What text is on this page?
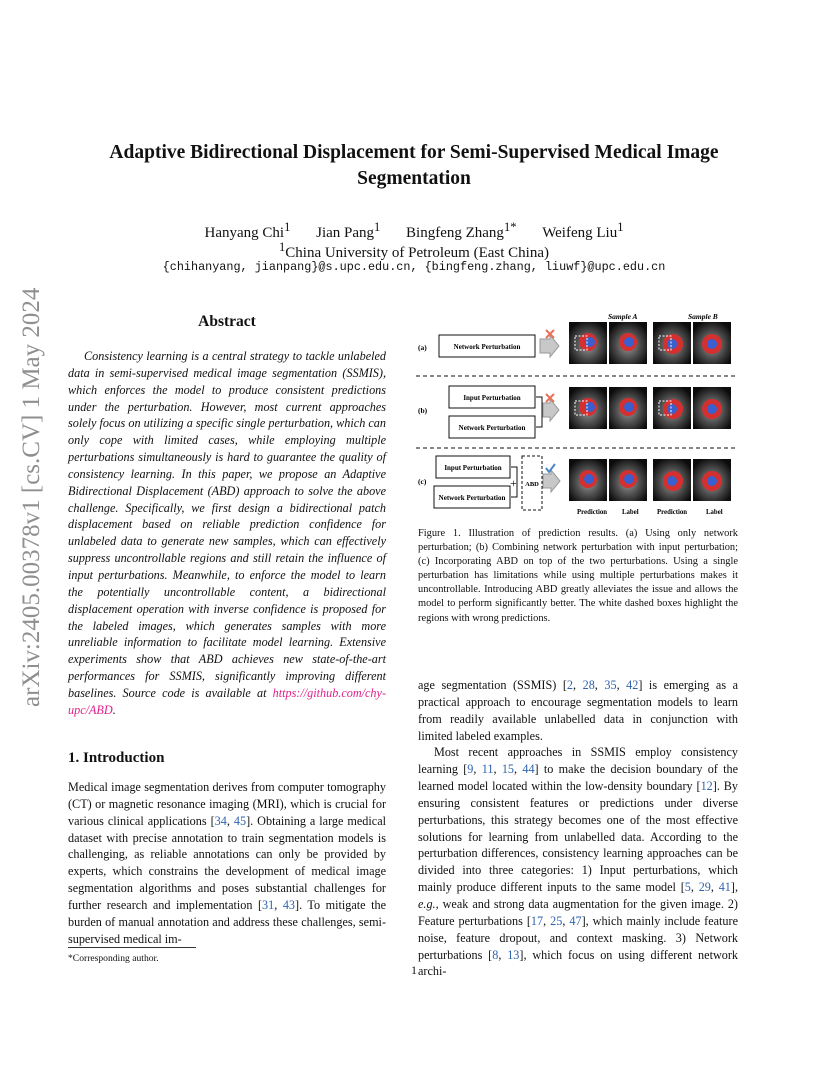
arXiv:2405.00378v1 [cs.CV] 1 May 2024
Adaptive Bidirectional Displacement for Semi-Supervised Medical Image
Segmentation
Hanyang Chi$^1$ Jian Pang$^1$ Bingfeng Zhang$^{1*}$ Weifeng Liu$^1$
$^1$China University of Petroleum (East China)
{chihanyang, jianpang}@s.upc.edu.cn, {bingfeng.zhang, liuwf}@upc.edu.cn
Abstract
Consistency learning is a central strategy to tackle unlabeled data in semi-supervised medical image segmentation (SSMIS), which enforces the model to produce consistent predictions under the perturbation. However, most current approaches solely focus on utilizing a specific single perturbation, which can only cope with limited cases, while employing multiple perturbations simultaneously is hard to guarantee the quality of consistency learning. In this paper, we propose an Adaptive Bidirectional Displacement (ABD) approach to solve the above challenge. Specifically, we first design a bidirectional patch displacement based on reliable prediction confidence for unlabeled data to generate new samples, which can effectively suppress uncontrollable regions and still retain the influence of input perturbations. Meanwhile, to enforce the model to learn the potentially uncontrollable content, a bidirectional displacement operation with inverse confidence is proposed for the labeled images, which generates samples with more unreliable information to facilitate model learning. Extensive experiments show that ABD achieves new state-of-the-art performances for SSMIS, significantly improving different baselines. Source code is available at https://github.com/chy-upc/ABD.
1. Introduction
Medical image segmentation derives from computer tomography (CT) or magnetic resonance imaging (MRI), which is crucial for various clinical applications [34, 45]. Obtaining a large medical dataset with precise annotation to train segmentation models is challenging, as reliable annotations can only be provided by experts, which constrains the development of medical image segmentation algorithms and poses substantial challenges for further research and implementation [31, 43]. To mitigate the burden of manual annotation and address these challenges, semi-supervised medical im-
*Corresponding author.
1
Sample A	Sample B
(a)	Network Perturbation
(b)
Input Perturbation
Network Perturbation
(c)
Input Perturbation
Network Perturbation
+ ABD
Prediction Label	Prediction	Label
Figure 1. Illustration of prediction results. (a) Using only network perturbation; (b) Combining network perturbation with input perturbation; (c) Incorporating ABD on top of the two perturbations. Using a single perturbation has limitations while using multiple perturbations makes it uncontrollable. Introducing ABD greatly alleviates the issue and allows the model to perform significantly better. The white dashed boxes highlight the regions with wrong predictions.

age segmentation (SSMIS) [2, 28, 35, 42] is emerging as a practical approach to encourage segmentation models to learn from readily available unlabelled data in conjunction with limited labeled examples.

Most recent approaches in SSMIS employ consistency learning [9, 11, 15, 44] to make the decision boundary of the learned model located within the low-density boundary [12]. By ensuring consistent features or predictions under diverse perturbations, this strategy becomes one of the most effective solutions for learning from unlabelled data. According to the perturbation differences, consistency learning approaches can be divided into three categories: 1) Input perturbations, which mainly produce different inputs to the same model [5, 29, 41], e.g., weak and strong data augmentation for the given image. 2) Feature perturbations [17, 25, 47], which mainly include feature noise, feature dropout, and context masking. 3) Network perturbations [8, 13], which focus on using different network archi-
